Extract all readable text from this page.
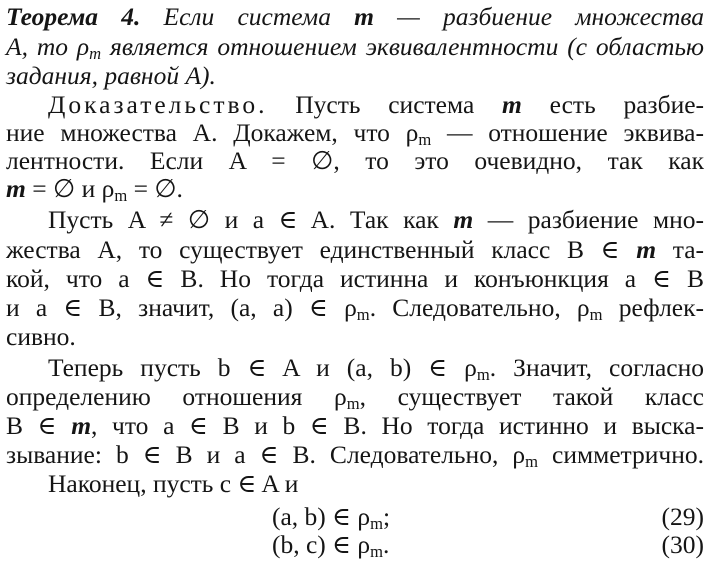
Теорема 4. Если система m — разбиение множества
A, то $\rho_m$ является отношением эквивалентности (с областью
задания, равной A).
Доказательство. Пусть система m есть разбие-
ние множества A. Докажем, что $\rho_m$ — отношение эквива-
лентности. Если A = ∅, то это очевидно, так как
m = ∅ и $\rho_m$ = ∅.
Пусть A ≠ ∅ и a ∈ A. Так как m — разбиение мно-
жества A, то существует единственный класс B ∈ m та-
кой, что a ∈ B. Но тогда истинна и конъюнкция a ∈ B
и a ∈ B, значит, (a, a) ∈ $\rho_m$. Следовательно, $\rho_m$ рефлек-
сивно.
Теперь пусть b ∈ A и (a, b) ∈ $\rho_m$. Значит, согласно
определению отношения $\rho_m$, существует такой класс
B ∈ m, что a ∈ B и b ∈ B. Но тогда истинно и выска-
зывание: b ∈ B и a ∈ B. Следовательно, $\rho_m$ симметрично.
Наконец, пусть c ∈ A и
(a, b) ∈ $\rho_m$;	(29)
(b, c) ∈ $\rho_m$.	(30)
